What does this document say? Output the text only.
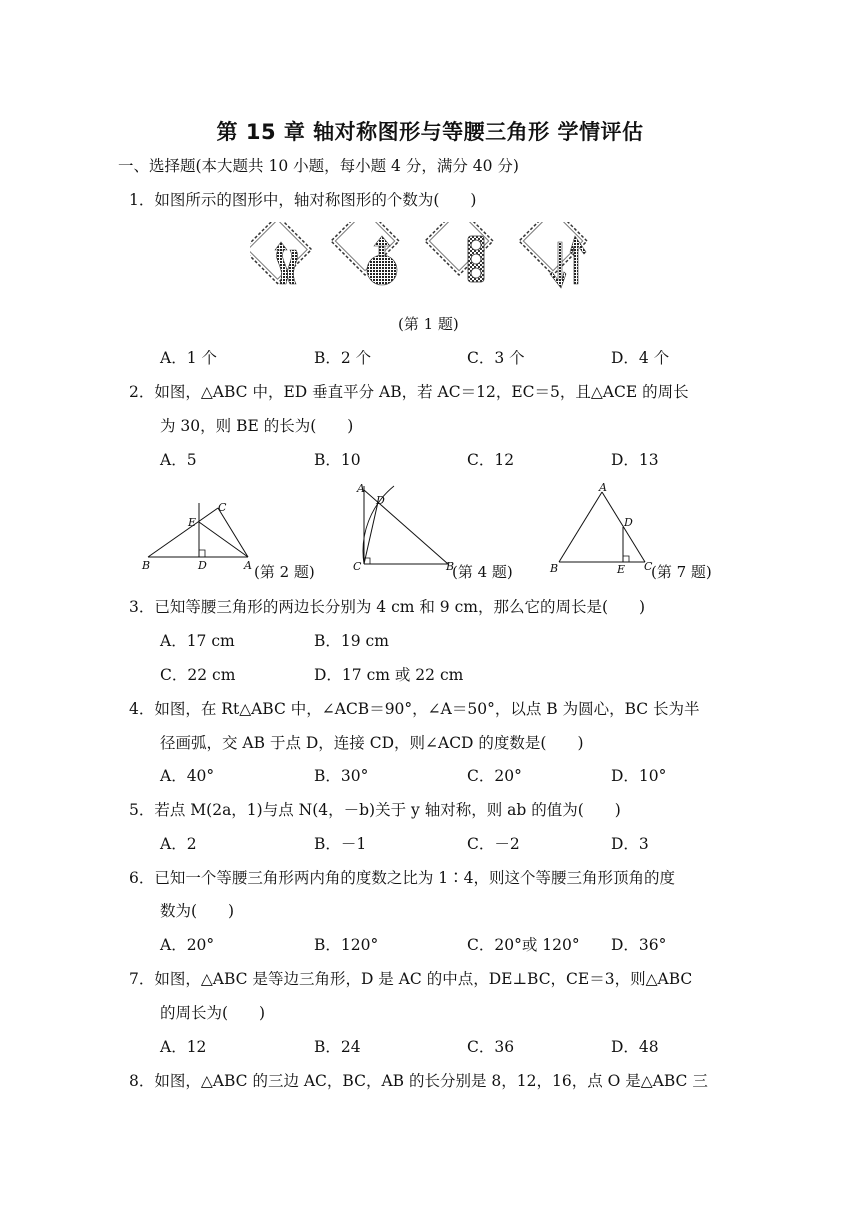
第 15 章 轴对称图形与等腰三角形 学情评估
一、选择题(本大题共 10 小题，每小题 4 分，满分 40 分)
1．如图所示的图形中，轴对称图形的个数为(　　)
(第 1 题)
A．1 个	B．2 个	C．3 个	D．4 个
2．如图，△ABC 中，ED 垂直平分 AB，若 AC＝12，EC＝5，且△ACE 的周长
为 30，则 BE 的长为(　　)
A．5	B．10	C．12	D．13
B	D	A
E
C
(第 2 题)
A
D
C	B
(第 4 题)
A
D
B	E C
(第 7 题)
3．已知等腰三角形的两边长分别为 4 cm 和 9 cm，那么它的周长是(　　)
A．17 cm	B．19 cm
C．22 cm	D．17 cm 或 22 cm
4．如图，在 Rt△ABC 中，∠ACB＝90°，∠A＝50°，以点 B 为圆心，BC 长为半
径画弧，交 AB 于点 D，连接 CD，则∠ACD 的度数是(　　)
A．40°	B．30°	C．20°	D．10°
5．若点 M(2a，1)与点 N(4，－b)关于 y 轴对称，则 ab 的值为(　　)
A．2	B．－1	C．－2	D．3
6．已知一个等腰三角形两内角的度数之比为 1∶4，则这个等腰三角形顶角的度
数为(　　)
A．20°	B．120°	C．20°或 120° D．36°
7．如图，△ABC 是等边三角形，D 是 AC 的中点，DE⊥BC，CE＝3，则△ABC
的周长为(　　)
A．12	B．24	C．36	D．48
8．如图，△ABC 的三边 AC，BC，AB 的长分别是 8，12，16，点 O 是△ABC 三
